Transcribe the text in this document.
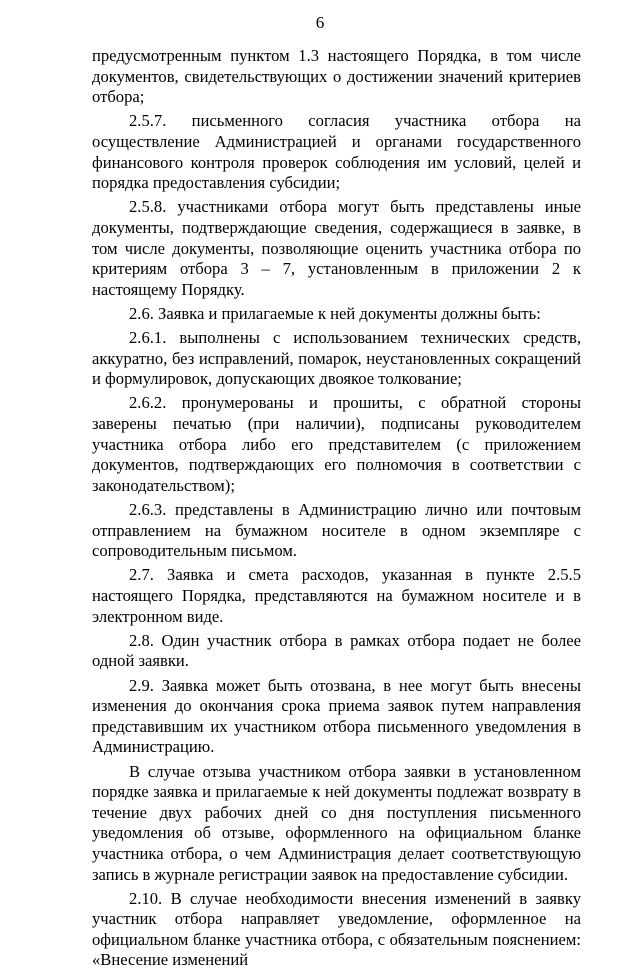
6

предусмотренным пунктом 1.3 настоящего Порядка, в том числе документов, свидетельствующих о достижении значений критериев отбора;

2.5.7. письменного согласия участника отбора на осуществление Администрацией и органами государственного финансового контроля проверок соблюдения им условий, целей и порядка предоставления субсидии;

2.5.8. участниками отбора могут быть представлены иные документы, подтверждающие сведения, содержащиеся в заявке, в том числе документы, позволяющие оценить участника отбора по критериям отбора 3 – 7, установленным в приложении 2 к настоящему Порядку.

2.6. Заявка и прилагаемые к ней документы должны быть:

2.6.1. выполнены с использованием технических средств, аккуратно, без исправлений, помарок, неустановленных сокращений и формулировок, допускающих двоякое толкование;

2.6.2. пронумерованы и прошиты, с обратной стороны заверены печатью (при наличии), подписаны руководителем участника отбора либо его представителем (с приложением документов, подтверждающих его полномочия в соответствии с законодательством);

2.6.3. представлены в Администрацию лично или почтовым отправлением на бумажном носителе в одном экземпляре с сопроводительным письмом.

2.7. Заявка и смета расходов, указанная в пункте 2.5.5 настоящего Порядка, представляются на бумажном носителе и в электронном виде.

2.8. Один участник отбора в рамках отбора подает не более одной заявки.

2.9. Заявка может быть отозвана, в нее могут быть внесены изменения до окончания срока приема заявок путем направления представившим их участником отбора письменного уведомления в Администрацию.

В случае отзыва участником отбора заявки в установленном порядке заявка и прилагаемые к ней документы подлежат возврату в течение двух рабочих дней со дня поступления письменного уведомления об отзыве, оформленного на официальном бланке участника отбора, о чем Администрация делает соответствующую запись в журнале регистрации заявок на предоставление субсидии.

2.10. В случае необходимости внесения изменений в заявку участник отбора направляет уведомление, оформленное на официальном бланке участника отбора, с обязательным пояснением: «Внесение изменений
